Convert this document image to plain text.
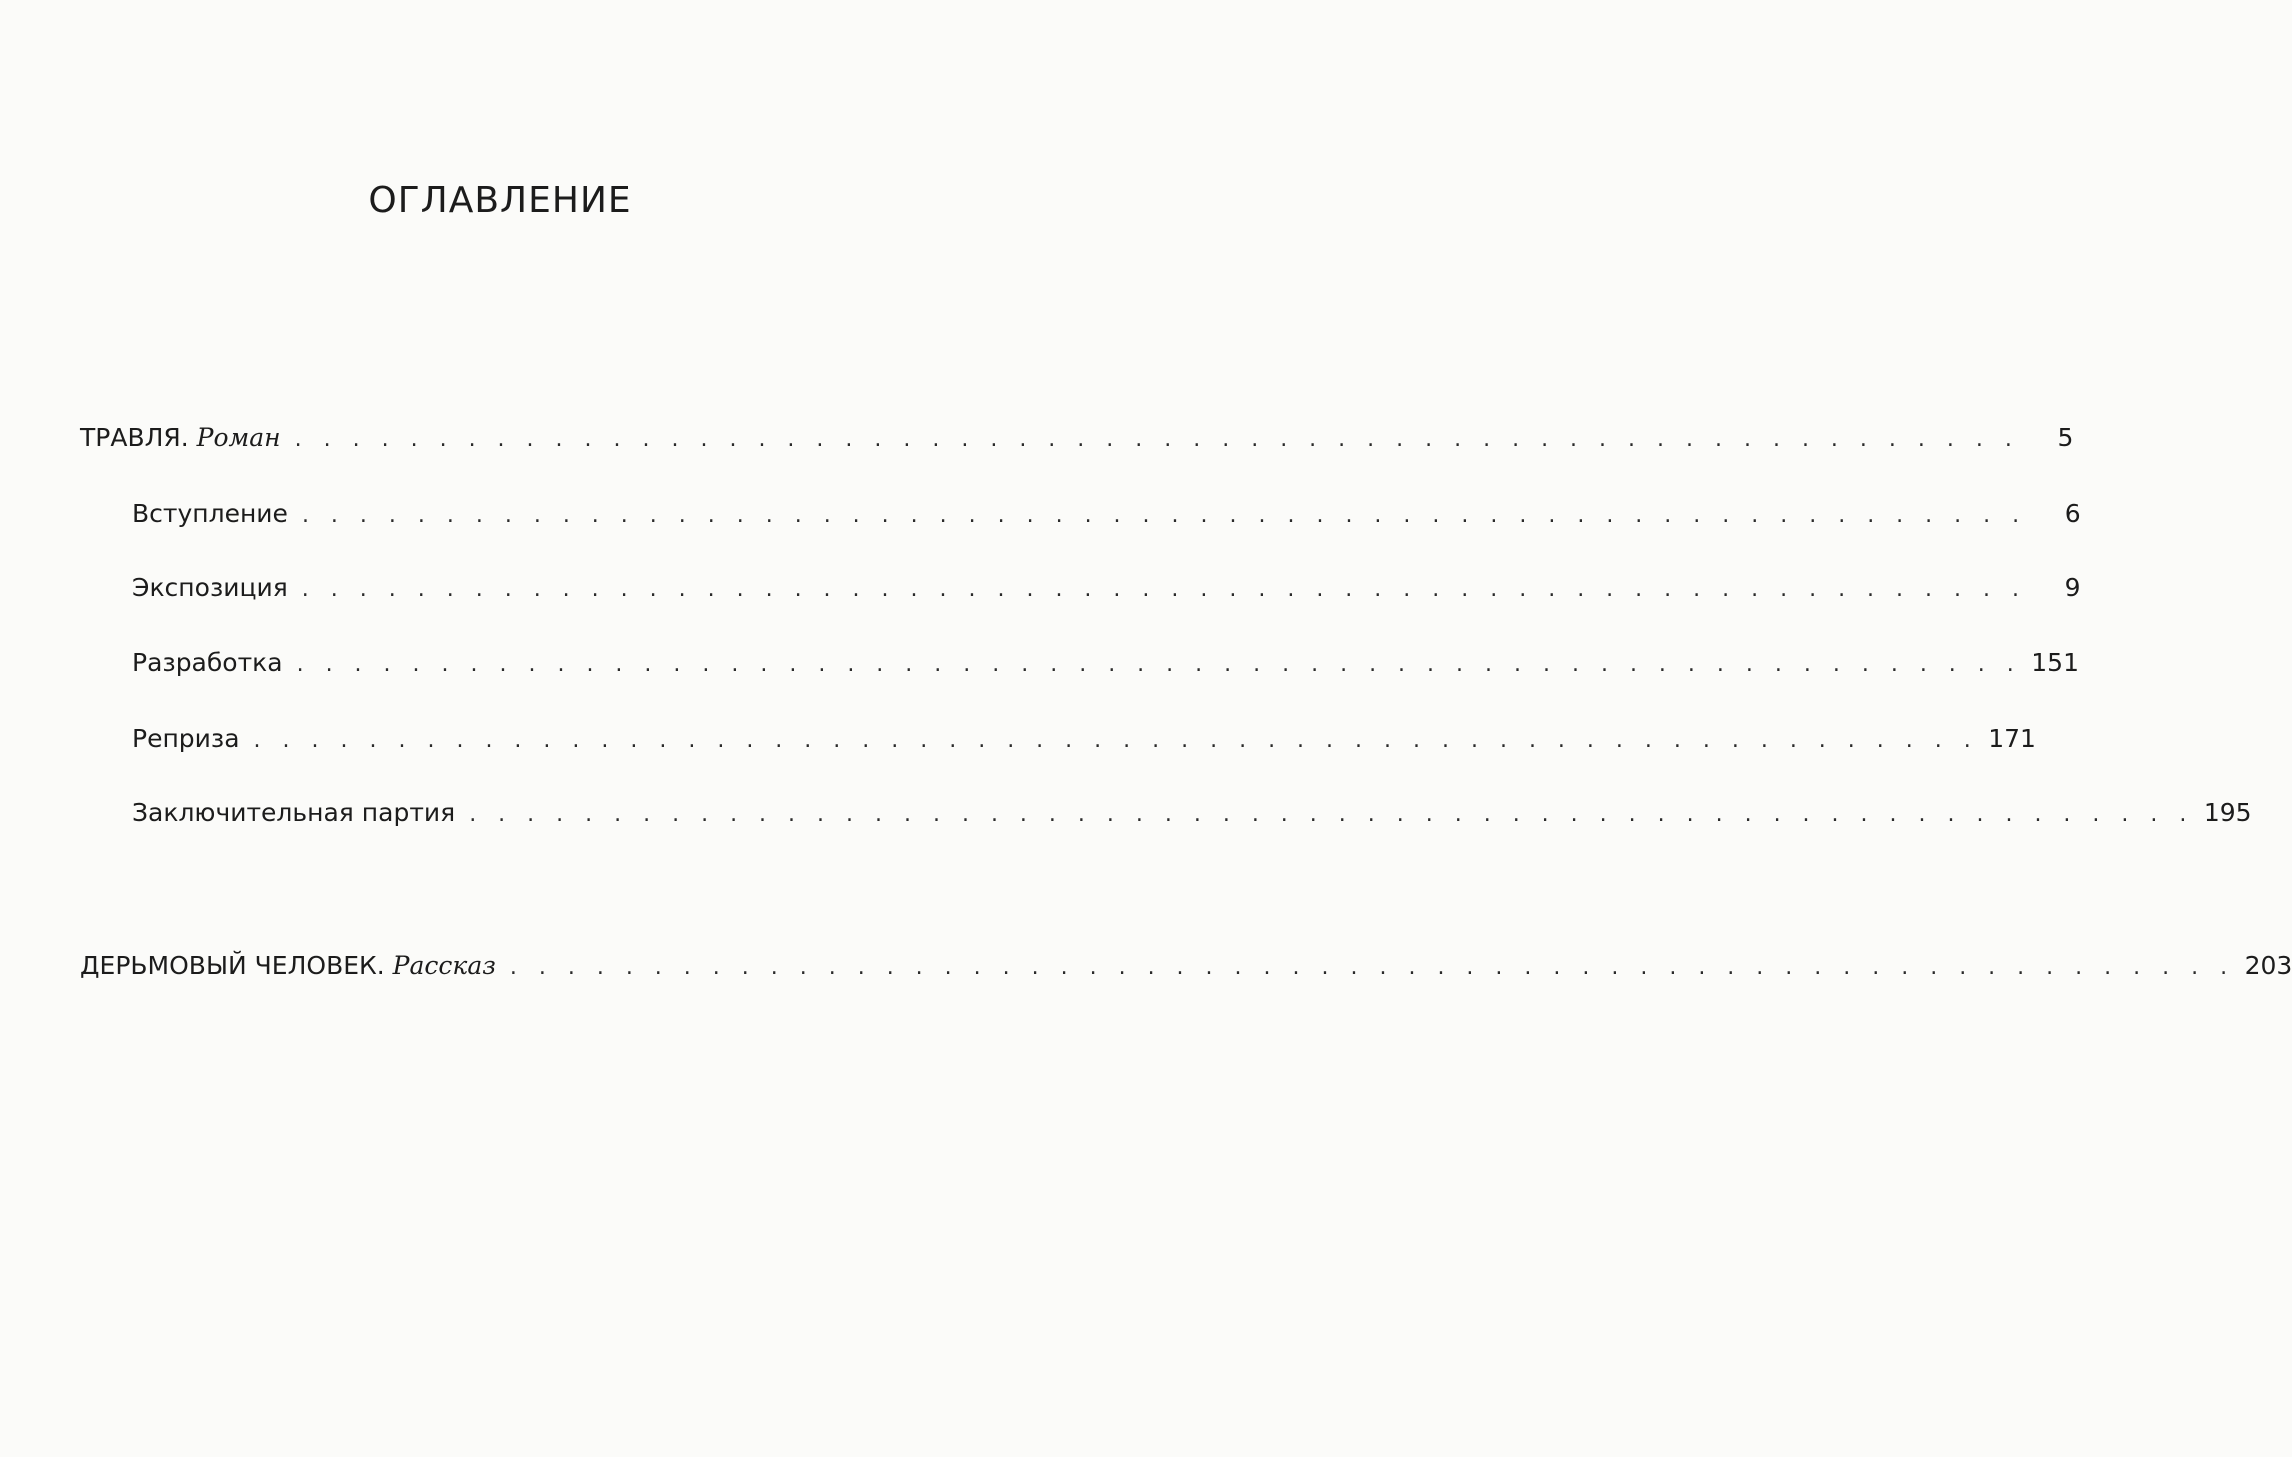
ОГЛАВЛЕНИЕ
ТРАВЛЯ. Роман . . . . . . . . . . . . . . . . . . . . . . . . . . . . . . . . . . . . . . . . . . . . . . . . . . . . . . . . . . . .	5
Вступление . . . . . . . . . . . . . . . . . . . . . . . . . . . . . . . . . . . . . . . . . . . . . . . . . . . . . . . . . . . .	6
Экспозиция . . . . . . . . . . . . . . . . . . . . . . . . . . . . . . . . . . . . . . . . . . . . . . . . . . . . . . . . . . . .	9
Разработка . . . . . . . . . . . . . . . . . . . . . . . . . . . . . . . . . . . . . . . . . . . . . . . . . . . . . . . . . . . . 151
Реприза . . . . . . . . . . . . . . . . . . . . . . . . . . . . . . . . . . . . . . . . . . . . . . . . . . . . . . . . . . . . 171
Заключительная партия . . . . . . . . . . . . . . . . . . . . . . . . . . . . . . . . . . . . . . . . . . . . . . . . . . . . . . . . . . . . 195
ДЕРЬМОВЫЙ ЧЕЛОВЕК. Рассказ . . . . . . . . . . . . . . . . . . . . . . . . . . . . . . . . . . . . . . . . . . . . . . . . . . . . . . . . . . . . 203
